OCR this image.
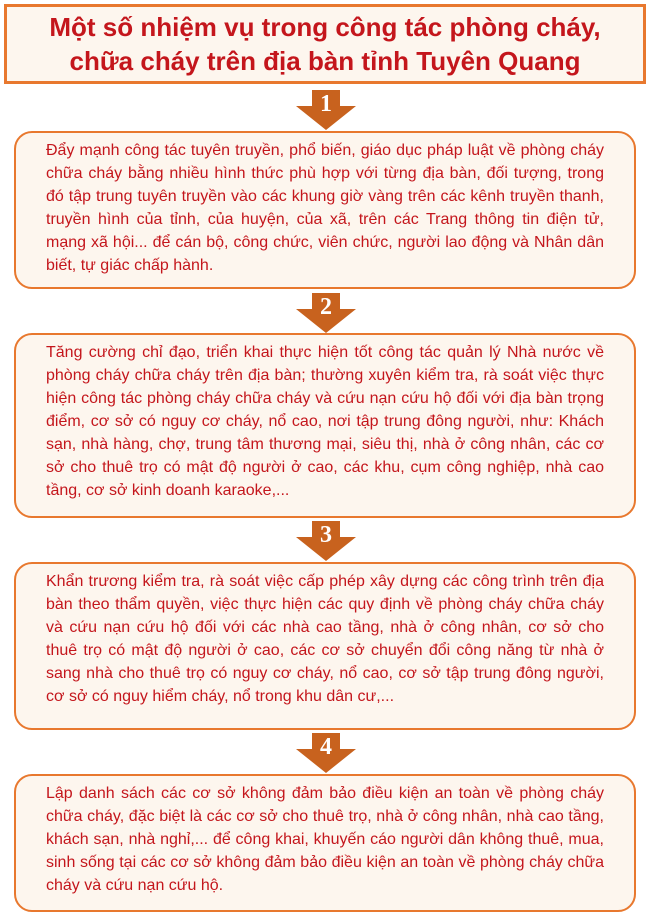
Một số nhiệm vụ trong công tác phòng cháy,
chữa cháy trên địa bàn tỉnh Tuyên Quang

1

Đẩy mạnh công tác tuyên truyền, phổ biến, giáo dục pháp luật về phòng cháy chữa cháy bằng nhiều hình thức phù hợp với từng địa bàn, đối tượng, trong đó tập trung tuyên truyền vào các khung giờ vàng trên các kênh truyền thanh, truyền hình của tỉnh, của huyện, của xã, trên các Trang thông tin điện tử, mạng xã hội... để cán bộ, công chức, viên chức, người lao động và Nhân dân biết, tự giác chấp hành.

2

Tăng cường chỉ đạo, triển khai thực hiện tốt công tác quản lý Nhà nước về phòng cháy chữa cháy trên địa bàn; thường xuyên kiểm tra, rà soát việc thực hiện công tác phòng cháy chữa cháy và cứu nạn cứu hộ đối với địa bàn trọng điểm, cơ sở có nguy cơ cháy, nổ cao, nơi tập trung đông người, như: Khách sạn, nhà hàng, chợ, trung tâm thương mại, siêu thị, nhà ở công nhân, các cơ sở cho thuê trọ có mật độ người ở cao, các khu, cụm công nghiệp, nhà cao tầng, cơ sở kinh doanh karaoke,...

3

Khẩn trương kiểm tra, rà soát việc cấp phép xây dựng các công trình trên địa bàn theo thẩm quyền, việc thực hiện các quy định về phòng cháy chữa cháy và cứu nạn cứu hộ đối với các nhà cao tầng, nhà ở công nhân, cơ sở cho thuê trọ có mật độ người ở cao, các cơ sở chuyển đổi công năng từ nhà ở sang nhà cho thuê trọ có nguy cơ cháy, nổ cao, cơ sở tập trung đông người, cơ sở có nguy hiểm cháy, nổ trong khu dân cư,...

4

Lập danh sách các cơ sở không đảm bảo điều kiện an toàn về phòng cháy chữa cháy, đặc biệt là các cơ sở cho thuê trọ, nhà ở công nhân, nhà cao tầng, khách sạn, nhà nghỉ,... để công khai, khuyến cáo người dân không thuê, mua, sinh sống tại các cơ sở không đảm bảo điều kiện an toàn về phòng cháy chữa cháy và cứu nạn cứu hộ.
